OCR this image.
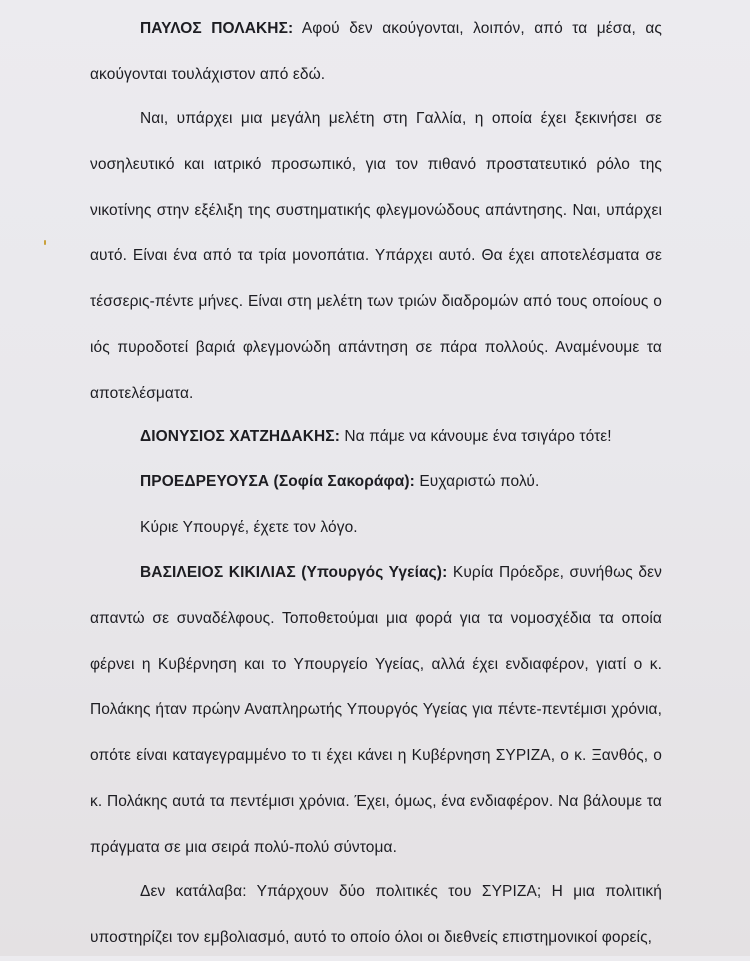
ΠΑΥΛΟΣ ΠΟΛΑΚΗΣ: Αφού δεν ακούγονται, λοιπόν, από τα μέσα, ας ακούγονται τουλάχιστον από εδώ.

Ναι, υπάρχει μια μεγάλη μελέτη στη Γαλλία, η οποία έχει ξεκινήσει σε νοσηλευτικό και ιατρικό προσωπικό, για τον πιθανό προστατευτικό ρόλο της νικοτίνης στην εξέλιξη της συστηματικής φλεγμονώδους απάντησης. Ναι, υπάρχει αυτό. Είναι ένα από τα τρία μονοπάτια. Υπάρχει αυτό. Θα έχει αποτελέσματα σε τέσσερις-πέντε μήνες. Είναι στη μελέτη των τριών διαδρομών από τους οποίους ο ιός πυροδοτεί βαριά φλεγμονώδη απάντηση σε πάρα πολλούς. Αναμένουμε τα αποτελέσματα.

ΔΙΟΝΥΣΙΟΣ ΧΑΤΖΗΔΑΚΗΣ: Να πάμε να κάνουμε ένα τσιγάρο τότε!

ΠΡΟΕΔΡΕΥΟΥΣΑ (Σοφία Σακοράφα): Ευχαριστώ πολύ.

Κύριε Υπουργέ, έχετε τον λόγο.

ΒΑΣΙΛΕΙΟΣ ΚΙΚΙΛΙΑΣ (Υπουργός Υγείας): Κυρία Πρόεδρε, συνήθως δεν απαντώ σε συναδέλφους. Τοποθετούμαι μια φορά για τα νομοσχέδια τα οποία φέρνει η Κυβέρνηση και το Υπουργείο Υγείας, αλλά έχει ενδιαφέρον, γιατί ο κ. Πολάκης ήταν πρώην Αναπληρωτής Υπουργός Υγείας για πέντε-πεντέμισι χρόνια, οπότε είναι καταγεγραμμένο το τι έχει κάνει η Κυβέρνηση ΣΥΡΙΖΑ, ο κ. Ξανθός, ο κ. Πολάκης αυτά τα πεντέμισι χρόνια. Έχει, όμως, ένα ενδιαφέρον. Να βάλουμε τα πράγματα σε μια σειρά πολύ-πολύ σύντομα.

Δεν κατάλαβα: Υπάρχουν δύο πολιτικές του ΣΥΡΙΖΑ; Η μια πολιτική υποστηρίζει τον εμβολιασμό, αυτό το οποίο όλοι οι διεθνείς επιστημονικοί φορείς,
